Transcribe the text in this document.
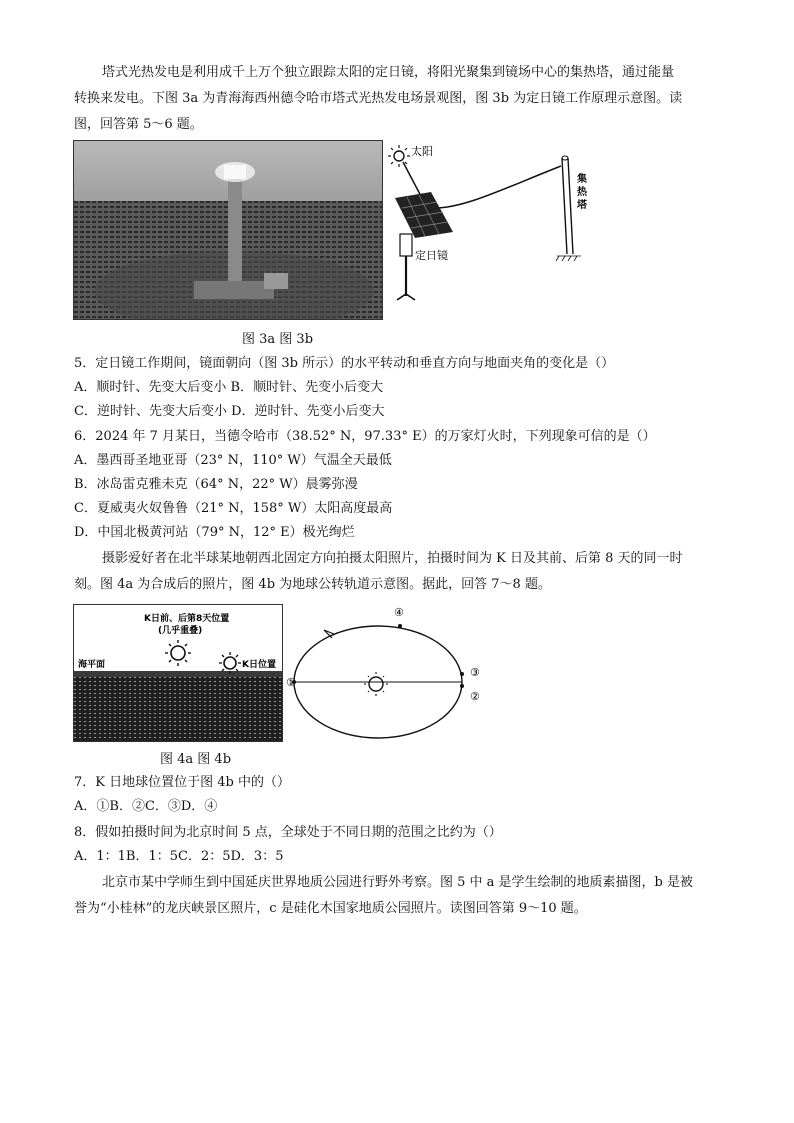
塔式光热发电是利用成千上万个独立跟踪太阳的定日镜，将阳光聚集到镜场中心的集热塔，通过能量
转换来发电。下图 3a 为青海海西州德令哈市塔式光热发电场景观图，图 3b 为定日镜工作原理示意图。读
图，回答第 5～6 题。
太阳
定日镜
集
热
塔
图 3a 图 3b
5．定日镜工作期间，镜面朝向（图 3b 所示）的水平转动和垂直方向与地面夹角的变化是（）
A．顺时针、先变大后变小 B．顺时针、先变小后变大
C．逆时针、先变大后变小 D．逆时针、先变小后变大
6．2024 年 7 月某日，当德令哈市（38.52° N，97.33° E）的万家灯火时，下列现象可信的是（）
A．墨西哥圣地亚哥（23° N，110° W）气温全天最低
B．冰岛雷克雅未克（64° N，22° W）晨雾弥漫
C．夏威夷火奴鲁鲁（21° N，158° W）太阳高度最高
D．中国北极黄河站（79° N，12° E）极光绚烂
摄影爱好者在北半球某地朝西北固定方向拍摄太阳照片，拍摄时间为 K 日及其前、后第 8 天的同一时
刻。图 4a 为合成后的照片，图 4b 为地球公转轨道示意图。据此，回答 7～8 题。
K日前、后第8天位置
(几乎重叠)
海平面	K日位置
①
②
③
④
图 4a 图 4b
7．K 日地球位置位于图 4b 中的（）
A．①B．②C．③D．④
8．假如拍摄时间为北京时间 5 点，全球处于不同日期的范围之比约为（）
A．1：1B．1：5C．2：5D．3：5
北京市某中学师生到中国延庆世界地质公园进行野外考察。图 5 中 a 是学生绘制的地质素描图，b 是被
誉为“小桂林”的龙庆峡景区照片，c 是硅化木国家地质公园照片。读图回答第 9～10 题。
